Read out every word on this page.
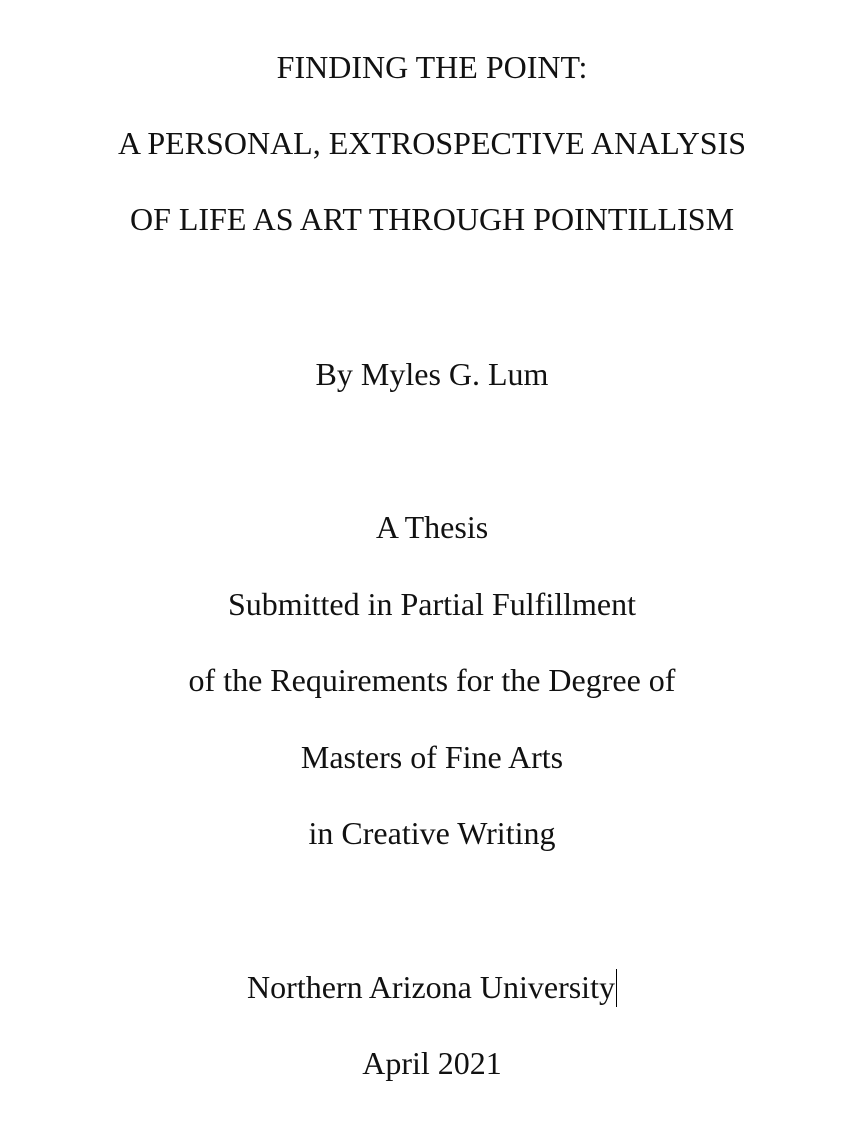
FINDING THE POINT:
A PERSONAL, EXTROSPECTIVE ANALYSIS
OF LIFE AS ART THROUGH POINTILLISM
By Myles G. Lum
A Thesis
Submitted in Partial Fulfillment
of the Requirements for the Degree of
Masters of Fine Arts
in Creative Writing
Northern Arizona University
April 2021
